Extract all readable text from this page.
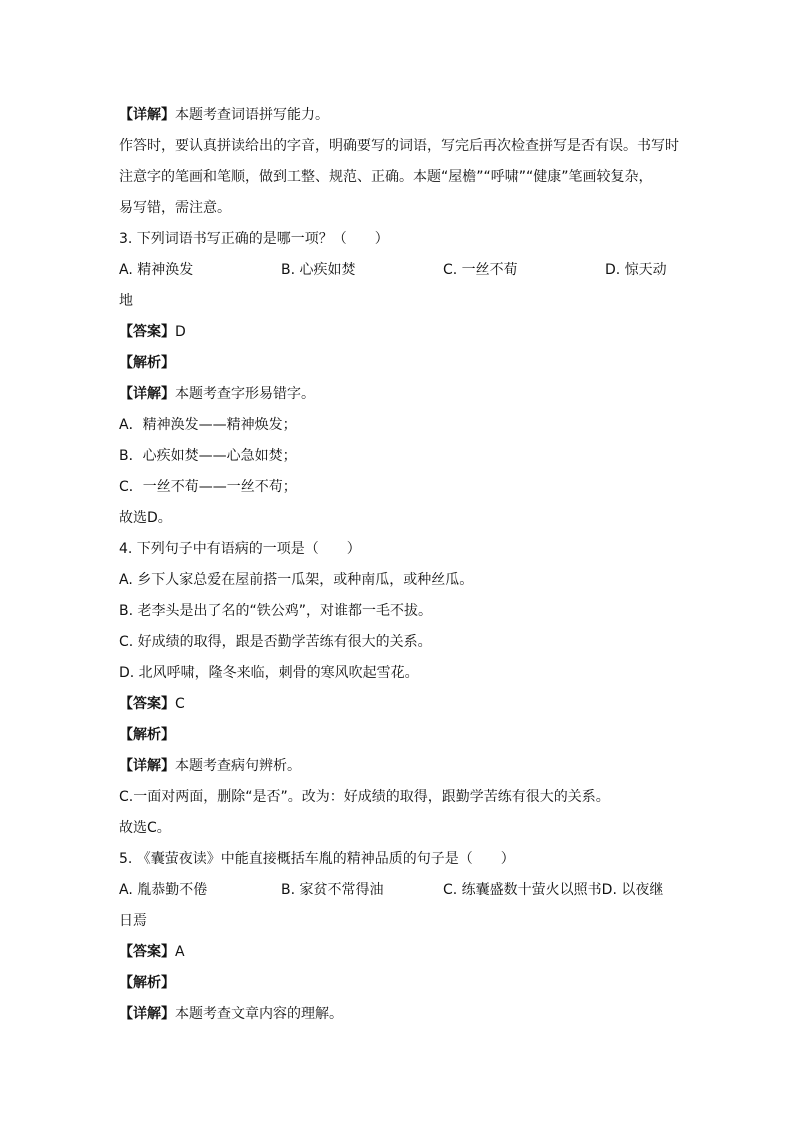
【详解】本题考查词语拼写能力。
作答时，要认真拼读给出的字音，明确要写的词语，写完后再次检查拼写是否有误。书写时
注意字的笔画和笔顺，做到工整、规范、正确。本题“屋檐”“呼啸”“健康”笔画较复杂，
易写错，需注意。
3. 下列词语书写正确的是哪一项？（　　）
A. 精神涣发	B. 心疾如焚	C. 一丝不荀	D. 惊天动
地
【答案】D
【解析】
【详解】本题考查字形易错字。
A．精神涣发——精神焕发；
B．心疾如焚——心急如焚；
C．一丝不荀——一丝不苟；
故选D。
4. 下列句子中有语病的一项是（　　）
A. 乡下人家总爱在屋前搭一瓜架，或种南瓜，或种丝瓜。
B. 老李头是出了名的“铁公鸡”，对谁都一毛不拔。
C. 好成绩的取得，跟是否勤学苦练有很大的关系。
D. 北风呼啸，隆冬来临，刺骨的寒风吹起雪花。
【答案】C
【解析】
【详解】本题考查病句辨析。
C.一面对两面，删除“是否”。改为：好成绩的取得，跟勤学苦练有很大的关系。
故选C。
5. 《囊萤夜读》中能直接概括车胤的精神品质的句子是（　　）
A. 胤恭勤不倦	B. 家贫不常得油	C. 练囊盛数十萤火以照书D. 以夜继
日焉
【答案】A
【解析】
【详解】本题考查文章内容的理解。
